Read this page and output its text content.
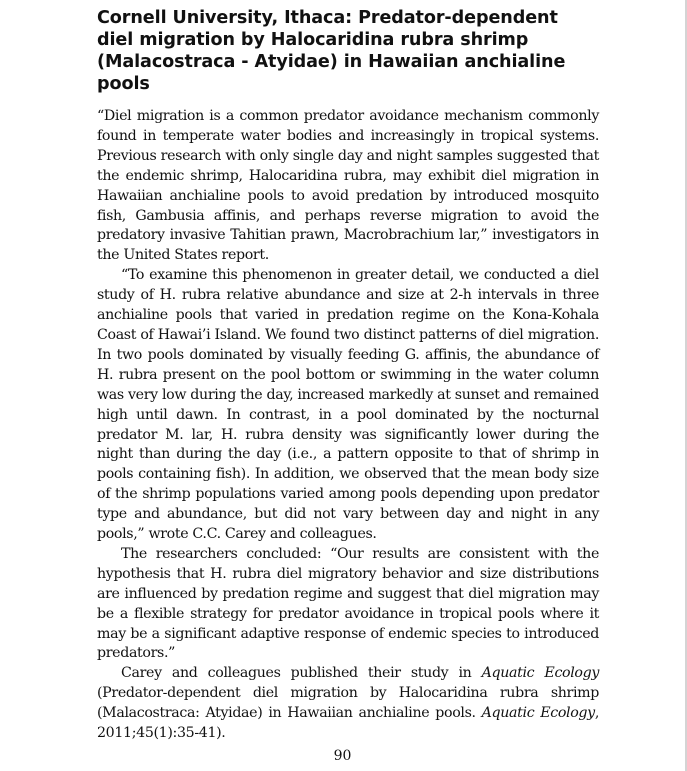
Cornell University, Ithaca: Predator-dependent diel migration by Halocaridina rubra shrimp (Malacostraca - Atyidae) in Hawaiian anchialine pools

“Diel migration is a common predator avoidance mechanism commonly found in temperate water bodies and increasingly in tropical systems. Previous research with only single day and night samples suggested that the endemic shrimp, Halocaridina rubra, may exhibit diel migration in Hawaiian anchialine pools to avoid predation by introduced mosquito fish, Gambusia affinis, and perhaps reverse migration to avoid the predatory invasive Tahitian prawn, Macrobrachium lar,” investigators in the United States report.

“To examine this phenomenon in greater detail, we conducted a diel study of H. rubra relative abundance and size at 2-h intervals in three anchialine pools that varied in predation regime on the Kona-Kohala Coast of Hawai’i Island. We found two distinct patterns of diel migration. In two pools dominated by visually feeding G. affinis, the abundance of H. rubra present on the pool bottom or swimming in the water column was very low during the day, increased markedly at sunset and remained high until dawn. In contrast, in a pool dominated by the nocturnal predator M. lar, H. rubra density was significantly lower during the night than during the day (i.e., a pattern opposite to that of shrimp in pools containing fish). In addition, we observed that the mean body size of the shrimp populations varied among pools depending upon predator type and abundance, but did not vary between day and night in any pools,” wrote C.C. Carey and colleagues.

The researchers concluded: “Our results are consistent with the hypothesis that H. rubra diel migratory behavior and size distributions are influenced by predation regime and suggest that diel migration may be a flexible strategy for predator avoidance in tropical pools where it may be a significant adaptive response of endemic species to introduced predators.”

Carey and colleagues published their study in Aquatic Ecology (Predator-dependent diel migration by Halocaridina rubra shrimp (Malacostraca: Atyidae) in Hawaiian anchialine pools. Aquatic Ecology, 2011;45(1):35-41).

90
